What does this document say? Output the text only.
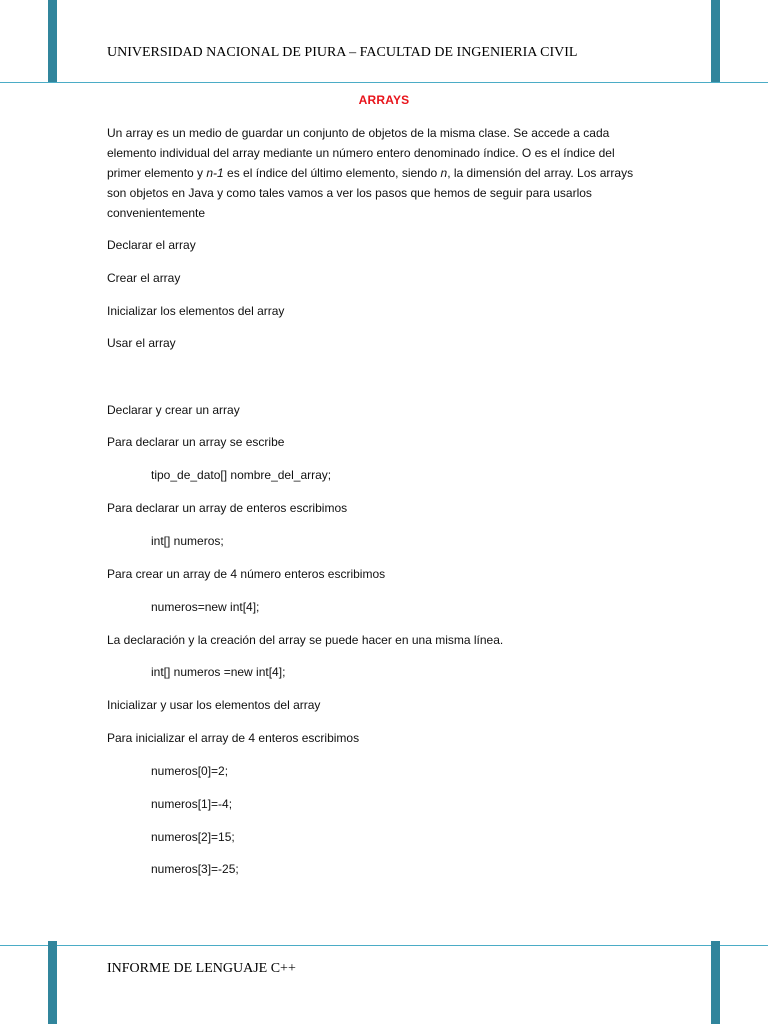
UNIVERSIDAD NACIONAL DE PIURA – FACULTAD DE INGENIERIA CIVIL
ARRAYS
Un array es un medio de guardar un conjunto de objetos de la misma clase. Se accede a cada elemento individual del array mediante un número entero denominado índice. O es el índice del primer elemento y n-1 es el índice del último elemento, siendo n, la dimensión del array. Los arrays son objetos en Java y como tales vamos a ver los pasos que hemos de seguir para usarlos convenientemente
Declarar el array
Crear el array
Inicializar los elementos del array
Usar el array
Declarar y crear un array
Para declarar un array se escribe
tipo_de_dato[] nombre_del_array;
Para declarar un array de enteros escribimos
int[] numeros;
Para crear un array de 4 número enteros escribimos
numeros=new int[4];
La declaración y la creación del array se puede hacer en una misma línea.
int[] numeros =new int[4];
Inicializar y usar los elementos del array
Para inicializar el array de 4 enteros escribimos
numeros[0]=2;
numeros[1]=-4;
numeros[2]=15;
numeros[3]=-25;
INFORME DE LENGUAJE C++
